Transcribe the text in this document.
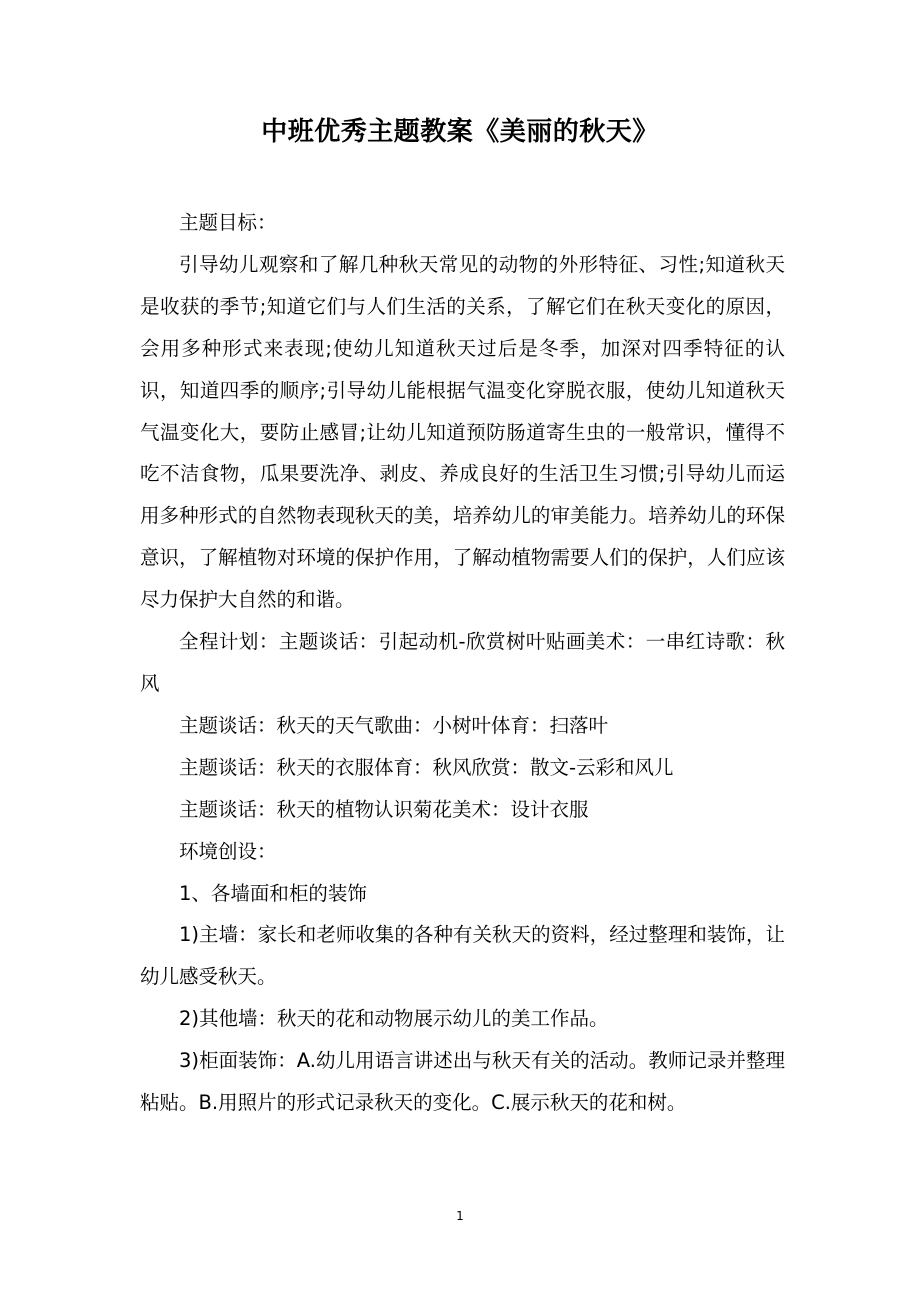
中班优秀主题教案《美丽的秋天》

主题目标：

引导幼儿观察和了解几种秋天常见的动物的外形特征、习性;知道秋天是收获的季节;知道它们与人们生活的关系，了解它们在秋天变化的原因，会用多种形式来表现;使幼儿知道秋天过后是冬季，加深对四季特征的认识，知道四季的顺序;引导幼儿能根据气温变化穿脱衣服，使幼儿知道秋天气温变化大，要防止感冒;让幼儿知道预防肠道寄生虫的一般常识，懂得不吃不洁食物，瓜果要洗净、剥皮、养成良好的生活卫生习惯;引导幼儿而运用多种形式的自然物表现秋天的美，培养幼儿的审美能力。培养幼儿的环保意识，了解植物对环境的保护作用，了解动植物需要人们的保护，人们应该尽力保护大自然的和谐。

全程计划：主题谈话：引起动机-欣赏树叶贴画美术：一串红诗歌：秋风

主题谈话：秋天的天气歌曲：小树叶体育：扫落叶

主题谈话：秋天的衣服体育：秋风欣赏：散文-云彩和风儿

主题谈话：秋天的植物认识菊花美术：设计衣服

环境创设：

1、各墙面和柜的装饰

1)主墙：家长和老师收集的各种有关秋天的资料，经过整理和装饰，让幼儿感受秋天。

2)其他墙：秋天的花和动物展示幼儿的美工作品。

3)柜面装饰：A.幼儿用语言讲述出与秋天有关的活动。教师记录并整理粘贴。B.用照片的形式记录秋天的变化。C.展示秋天的花和树。

1
